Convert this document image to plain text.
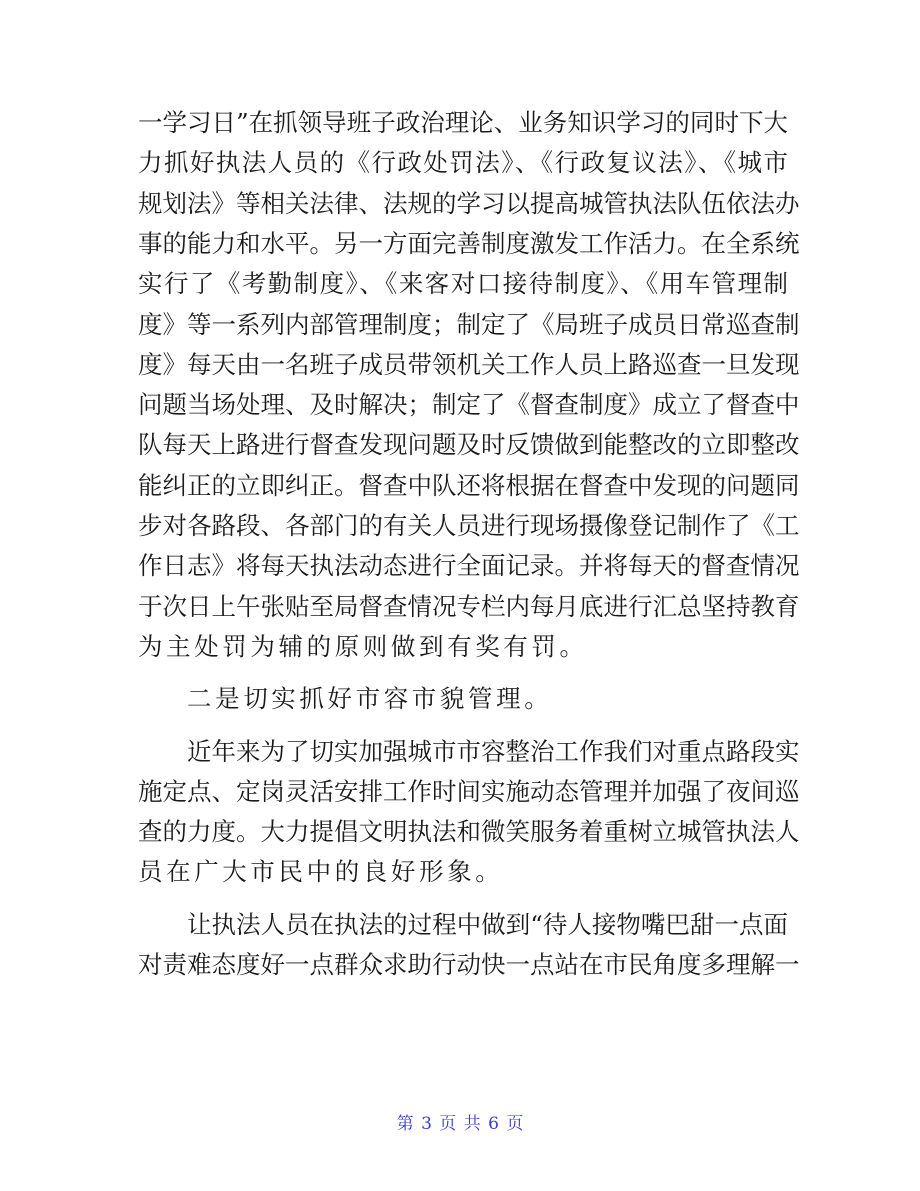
一学习日”在抓领导班子政治理论、业务知识学习的同时下大
力抓好执法人员的《行政处罚法》、《行政复议法》、《城市
规划法》等相关法律、法规的学习以提高城管执法队伍依法办
事的能力和水平。另一方面完善制度激发工作活力。在全系统
实行了《考勤制度》、《来客对口接待制度》、《用车管理制
度》等一系列内部管理制度；制定了《局班子成员日常巡查制
度》每天由一名班子成员带领机关工作人员上路巡查一旦发现
问题当场处理、及时解决；制定了《督查制度》成立了督查中
队每天上路进行督查发现问题及时反馈做到能整改的立即整改
能纠正的立即纠正。督查中队还将根据在督查中发现的问题同
步对各路段、各部门的有关人员进行现场摄像登记制作了《工
作日志》将每天执法动态进行全面记录。并将每天的督查情况
于次日上午张贴至局督查情况专栏内每月底进行汇总坚持教育
为主处罚为辅的原则做到有奖有罚。
二是切实抓好市容市貌管理。
近年来为了切实加强城市市容整治工作我们对重点路段实
施定点、定岗灵活安排工作时间实施动态管理并加强了夜间巡
查的力度。大力提倡文明执法和微笑服务着重树立城管执法人
员在广大市民中的良好形象。
让执法人员在执法的过程中做到“待人接物嘴巴甜一点面
对责难态度好一点群众求助行动快一点站在市民角度多理解一
第 3 页 共 6 页
